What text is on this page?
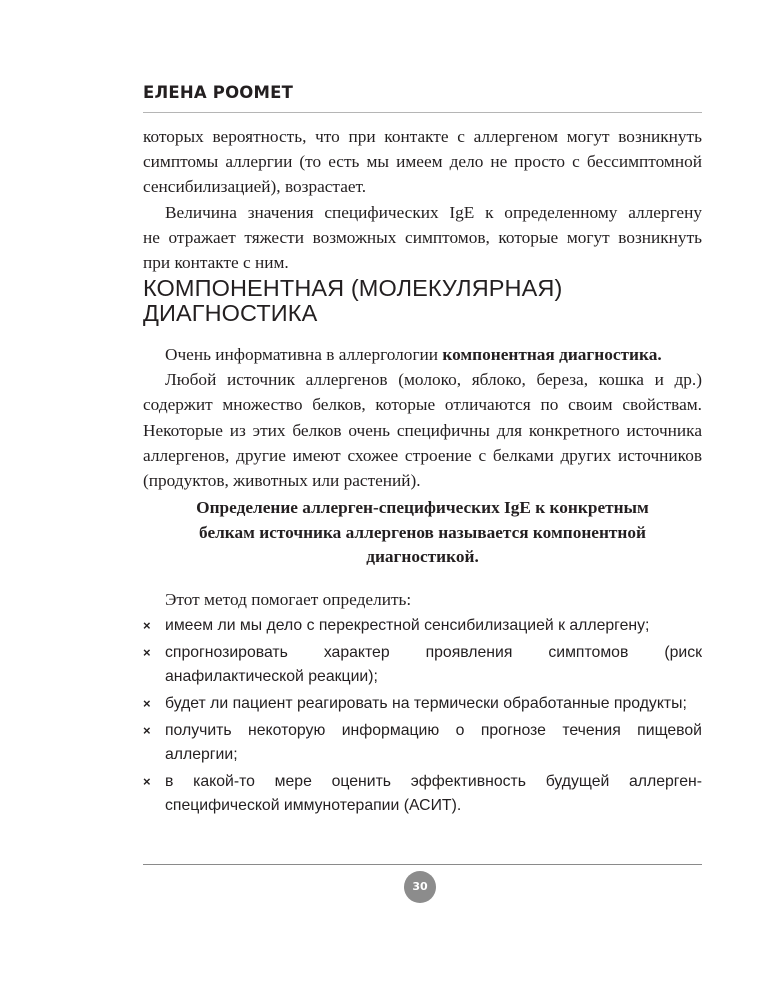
ЕЛЕНА РООМЕТ
которых вероятность, что при контакте с аллергеном могут возникнуть
симптомы аллергии (то есть мы имеем дело не просто с бессимптомной
сенсибилизацией), возрастает.
Величина значения специфических IgE к определенному аллергену
не отражает тяжести возможных симптомов, которые могут возникнуть
при контакте с ним.
КОМПОНЕНТНАЯ (МОЛЕКУЛЯРНАЯ)
ДИАГНОСТИКА
Очень информативна в аллергологии компонентная диагностика.
Любой источник аллергенов (молоко, яблоко, береза, кошка и др.)
содержит множество белков, которые отличаются по своим свойствам.
Некоторые из этих белков очень специфичны для конкретного источника
аллергенов, другие имеют схожее строение с белками других источников
(продуктов, животных или растений).
Определение аллерген-специфических IgE к конкретным
белкам источника аллергенов называется компонентной
диагностикой.
Этот метод помогает определить:
× имеем ли мы дело с перекрестной сенсибилизацией к аллергену;
× спрогнозировать характер проявления симптомов (риск анафилактической реакции);
× будет ли пациент реагировать на термически обработанные продукты;
× получить некоторую информацию о прогнозе течения пищевой аллергии;
× в какой-то мере оценить эффективность будущей аллерген-специфической иммунотерапии (АСИТ).
30
